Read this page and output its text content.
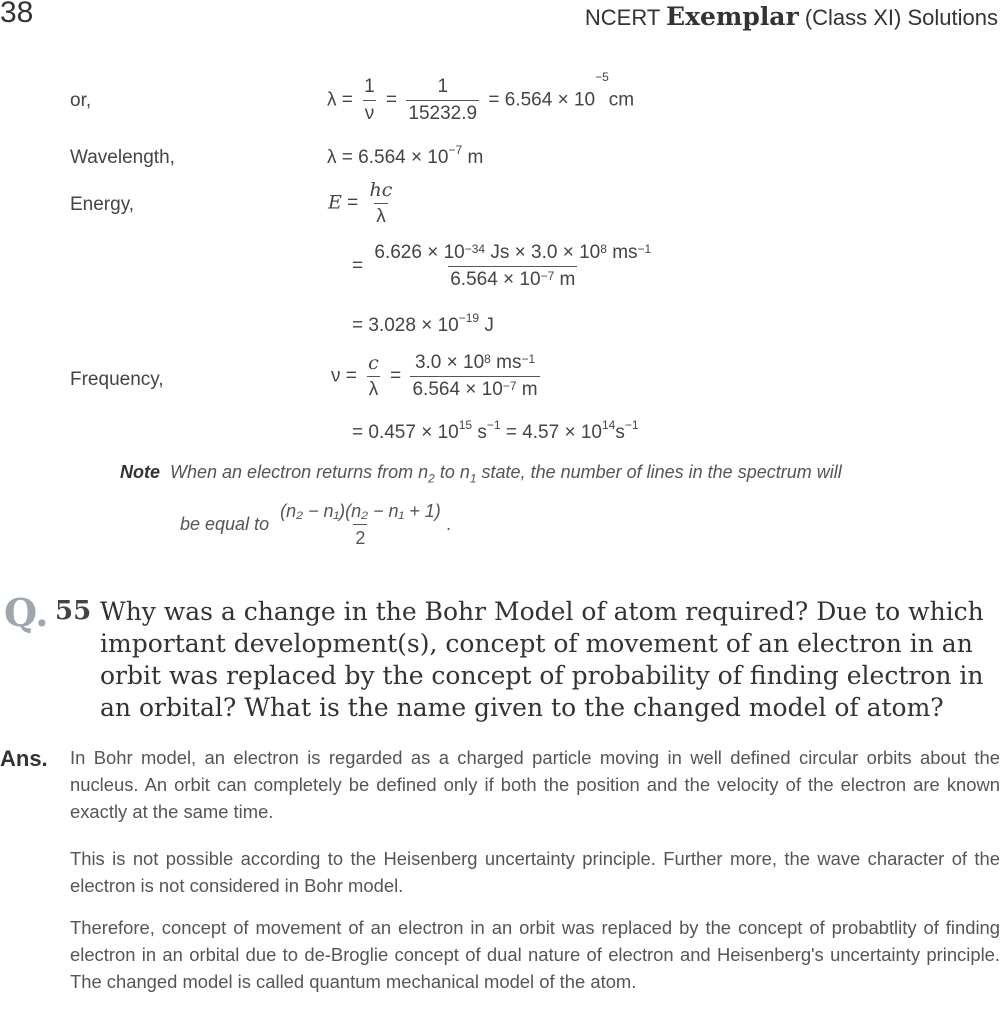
38	NCERT Exemplar (Class XI) Solutions
or,	$\lambda = \frac{1}{\nu} = \frac{1}{15232.9} = 6.564 \times 10^{-5}cm$
Wavelength,	$\lambda = 6.564 \times 10^{-7}$ m
Energy,	$E = \frac{hc}{\lambda}$
= $\frac{6.626 \times 10^{-34} Js \times 3.0 \times 10^8 ms^{-1}}{6.564 \times 10^{-7} m}$
= $3.028 \times 10^{-19}$ J
Frequency,	$\nu = \frac{c}{\lambda} = \frac{3.0 \times 10^8 ms^{-1}}{6.564 \times 10^{-7} m}$
= $0.457 \times 10^{15}$ $s^{-1} = 4.57 \times 10^{14}s^{-1}$
Note When an electron returns from $n_2$ to $n_1$ state, the number of lines in the spectrum will
be equal to $\frac{\text{(n₂ − n₁)(n₂ − n₁ + 1)}}{2}$ .
Q. 55 Why was a change in the Bohr Model of atom required? Due to which important development(s), concept of movement of an electron in an orbit was replaced by the concept of probability of finding electron in an orbital? What is the name given to the changed model of atom?
Ans. In Bohr model, an electron is regarded as a charged particle moving in well defined circular orbits about the nucleus. An orbit can completely be defined only if both the position and the velocity of the electron are known exactly at the same time.
This is not possible according to the Heisenberg uncertainty principle. Further more, the wave character of the electron is not considered in Bohr model.
Therefore, concept of movement of an electron in an orbit was replaced by the concept of probabtlity of finding electron in an orbital due to de-Broglie concept of dual nature of electron and Heisenberg's uncertainty principle. The changed model is called quantum mechanical model of the atom.
